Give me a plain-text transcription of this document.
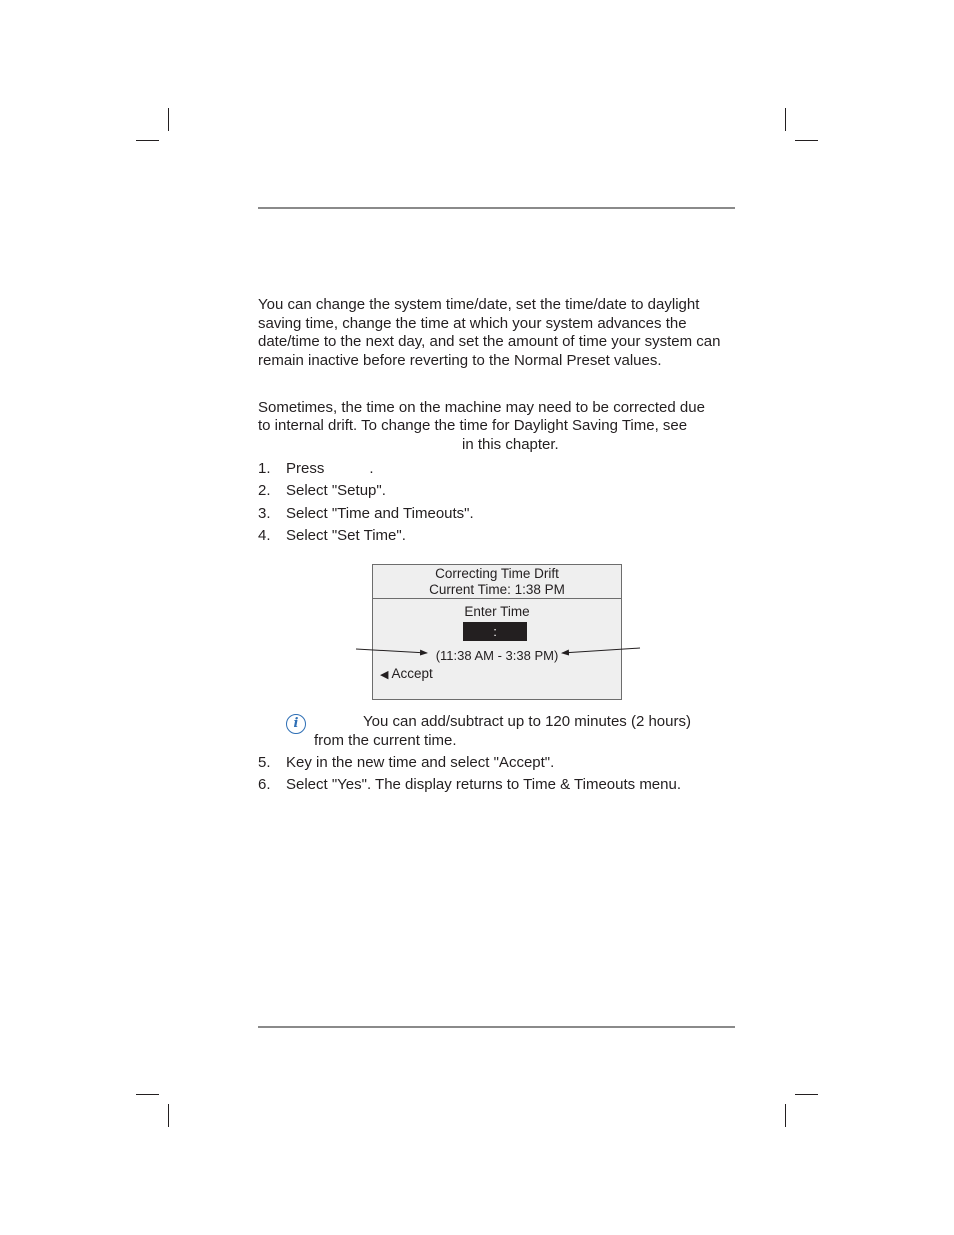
You can change the system time/date, set the time/date to daylight saving time, change the time at which your system advances the date/time to the next day, and set the amount of time your system can remain inactive before reverting to the Normal Preset values.
Sometimes, the time on the machine may need to be corrected due
to internal drift. To change the time for Daylight Saving Time, see
in this chapter.
1. Press	.
2. Select "Setup".
3. Select "Time and Timeouts".
4. Select "Set Time".
Correcting Time Drift
Current Time: 1:38 PM
Enter Time
:
(11:38 AM - 3:38 PM)
◀ Accept
i	You can add/subtract up to 120 minutes (2 hours)
from the current time.
5. Key in the new time and select "Accept".
6. Select "Yes". The display returns to Time & Timeouts menu.
